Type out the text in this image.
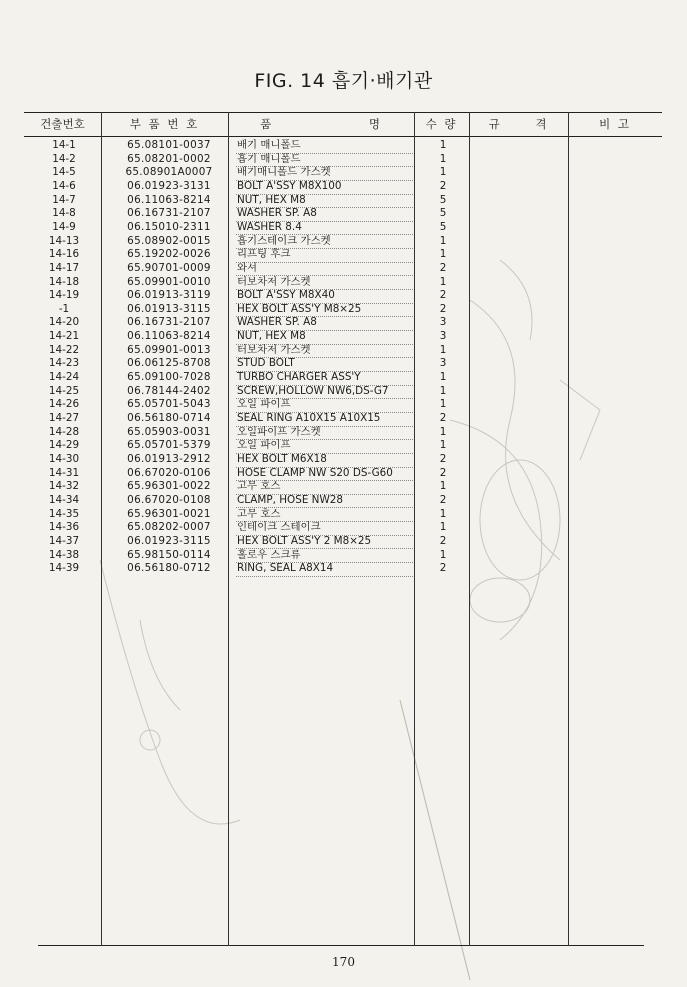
FIG. 14 흡기·배기관
건출번호	부 품 번 호	품 명	수 량	규 격	비 고
14-1	65.08101-0037	배기 매니폴드	1
14-2	65.08201-0002	흡기 매니폴드	1
14-5	65.08901A0007	배기매니폴드 가스켓	1
14-6	06.01923-3131	BOLT A'SSY M8X100	2
14-7	06.11063-8214	NUT, HEX M8	5
14-8	06.16731-2107	WASHER SP. A8	5
14-9	06.15010-2311	WASHER 8.4	5
14-13	65.08902-0015	흡기스테이크 가스켓	1
14-16	65.19202-0026	리프팅 후크	1
14-17	65.90701-0009	와셔	2
14-18	65.09901-0010	터보차저 가스켓	1
14-19	06.01913-3119	BOLT A'SSY M8X40	2
-1	06.01913-3115	HEX BOLT ASS'Y M8×25	2
14-20	06.16731-2107	WASHER SP. A8	3
14-21	06.11063-8214	NUT, HEX M8	3
14-22	65.09901-0013	터보차저 가스켓	1
14-23	06.06125-8708	STUD BOLT	3
14-24	65.09100-7028	TURBO CHARGER ASS'Y	1
14-25	06.78144-2402	SCREW,HOLLOW NW6,DS-G7	1
14-26	65.05701-5043	오일 파이프	1
14-27	06.56180-0714	SEAL RING A10X15 A10X15	2
14-28	65.05903-0031	오일파이프 가스켓	1
14-29	65.05701-5379	오일 파이프	1
14-30	06.01913-2912	HEX BOLT M6X18	2
14-31	06.67020-0106	HOSE CLAMP NW S20 DS-G60	2
14-32	65.96301-0022	고무 호스	1
14-34	06.67020-0108	CLAMP, HOSE NW28	2
14-35	65.96301-0021	고무 호스	1
14-36	65.08202-0007	인테이크 스테이크	1
14-37	06.01923-3115	HEX BOLT ASS'Y 2 M8×25	2
14-38	65.98150-0114	홀로우 스크류	1
14-39	06.56180-0712	RING, SEAL A8X14	2
170
